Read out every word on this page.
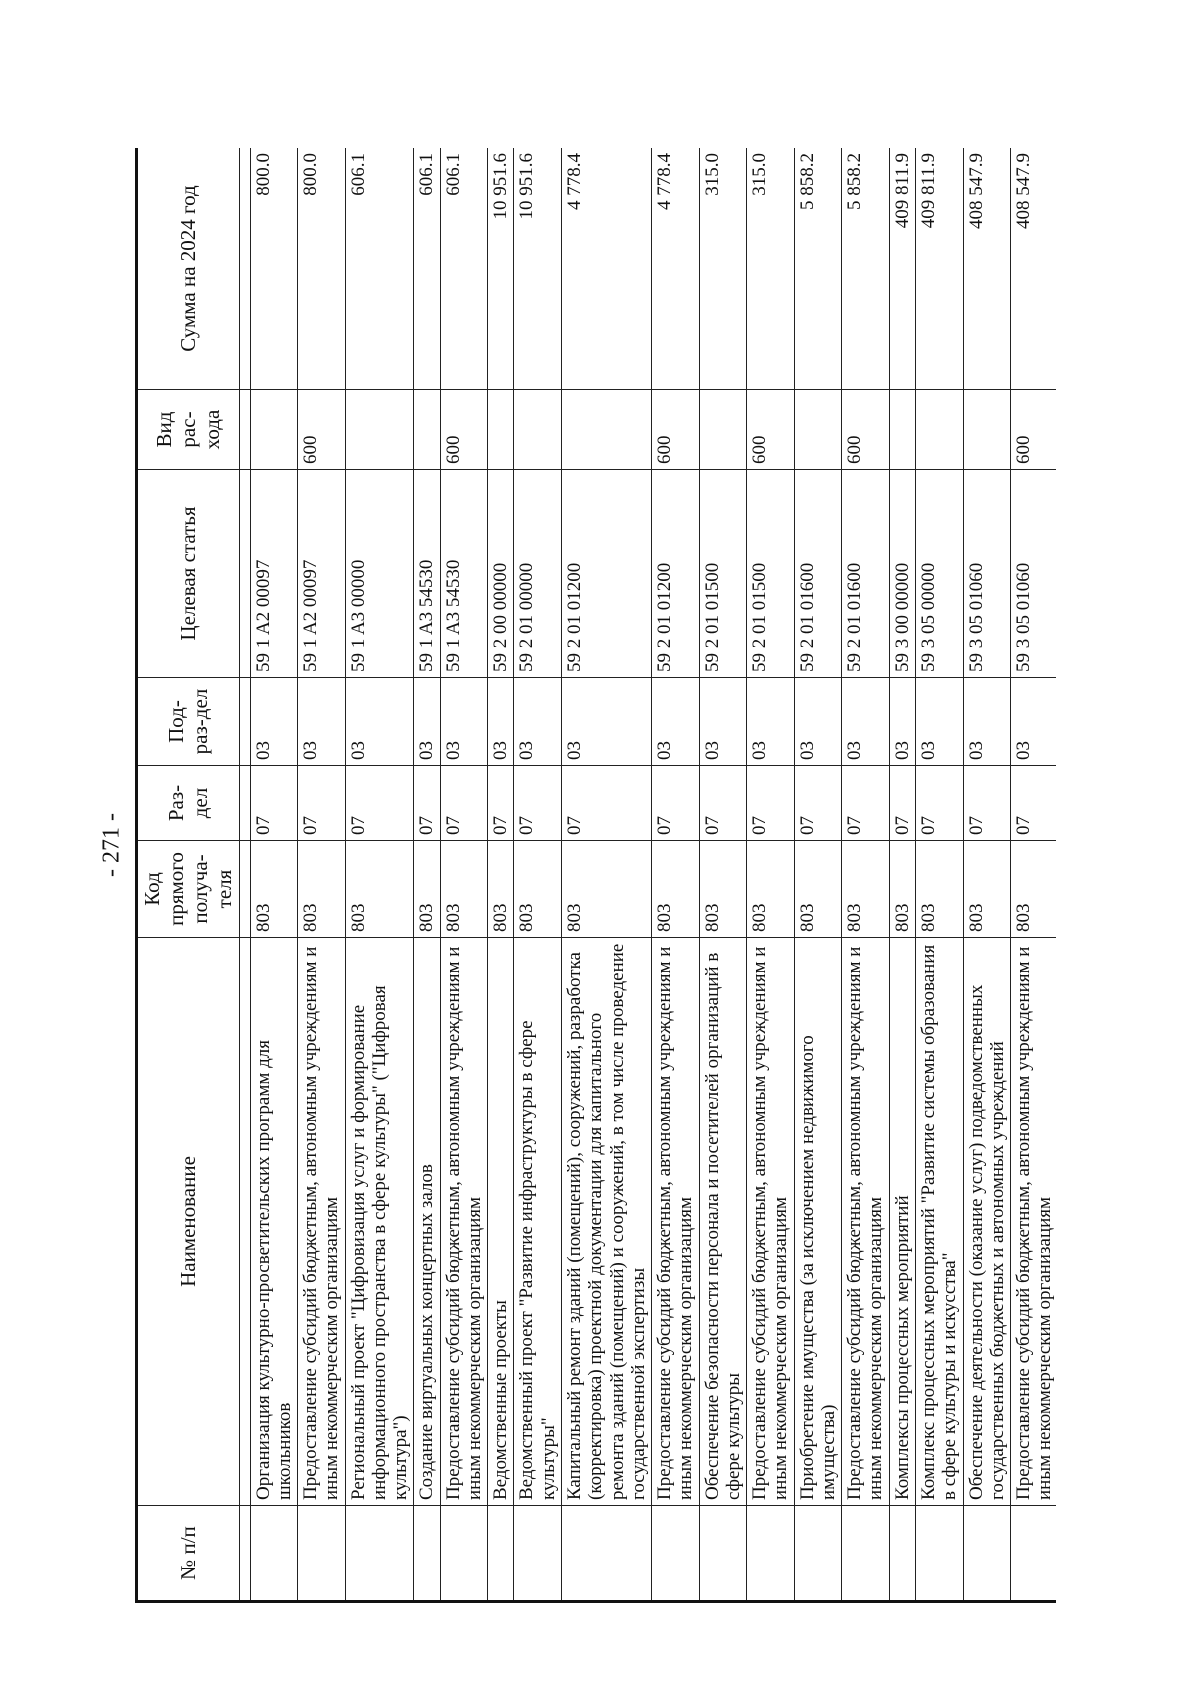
- 271 -
№ п/п	Наименование	Код прямого получа-теля	Раз-дел	Под-раз-дел	Целевая статья	Вид рас-хода	Сумма на 2024 год

	Организация культурно-просветительских программ для школьников	803	07	03	59 1 A2 00097		800.0
	Предоставление субсидий бюджетным, автономным учреждениям и иным некоммерческим организациям	803	07	03	59 1 A2 00097	600	800.0
	Региональный проект "Цифровизация услуг и формирование информационного пространства в сфере культуры" ("Цифровая культура")	803	07	03	59 1 A3 00000		606.1
	Создание виртуальных концертных залов	803	07	03	59 1 A3 54530		606.1
	Предоставление субсидий бюджетным, автономным учреждениям и иным некоммерческим организациям	803	07	03	59 1 A3 54530	600	606.1
	Ведомственные проекты	803	07	03	59 2 00 00000		10 951.6
	Ведомственный проект "Развитие инфраструктуры в сфере культуры"	803	07	03	59 2 01 00000		10 951.6
	Капитальный ремонт зданий (помещений), сооружений, разработка (корректировка) проектной документации для капитального ремонта зданий (помещений) и сооружений, в том числе проведение государственной экспертизы	803	07	03	59 2 01 01200		4 778.4
	Предоставление субсидий бюджетным, автономным учреждениям и иным некоммерческим организациям	803	07	03	59 2 01 01200	600	4 778.4
	Обеспечение безопасности персонала и посетителей организаций в сфере культуры	803	07	03	59 2 01 01500		315.0
	Предоставление субсидий бюджетным, автономным учреждениям и иным некоммерческим организациям	803	07	03	59 2 01 01500	600	315.0
	Приобретение имущества (за исключением недвижимого имущества)	803	07	03	59 2 01 01600		5 858.2
	Предоставление субсидий бюджетным, автономным учреждениям и иным некоммерческим организациям	803	07	03	59 2 01 01600	600	5 858.2
	Комплексы процессных мероприятий	803	07	03	59 3 00 00000		409 811.9
	Комплекс процессных мероприятий "Развитие системы образования в сфере культуры и искусства"	803	07	03	59 3 05 00000		409 811.9
	Обеспечение деятельности (оказание услуг) подведомственных государственных бюджетных и автономных учреждений	803	07	03	59 3 05 01060		408 547.9
	Предоставление субсидий бюджетным, автономным учреждениям и иным некоммерческим организациям	803	07	03	59 3 05 01060	600	408 547.9
